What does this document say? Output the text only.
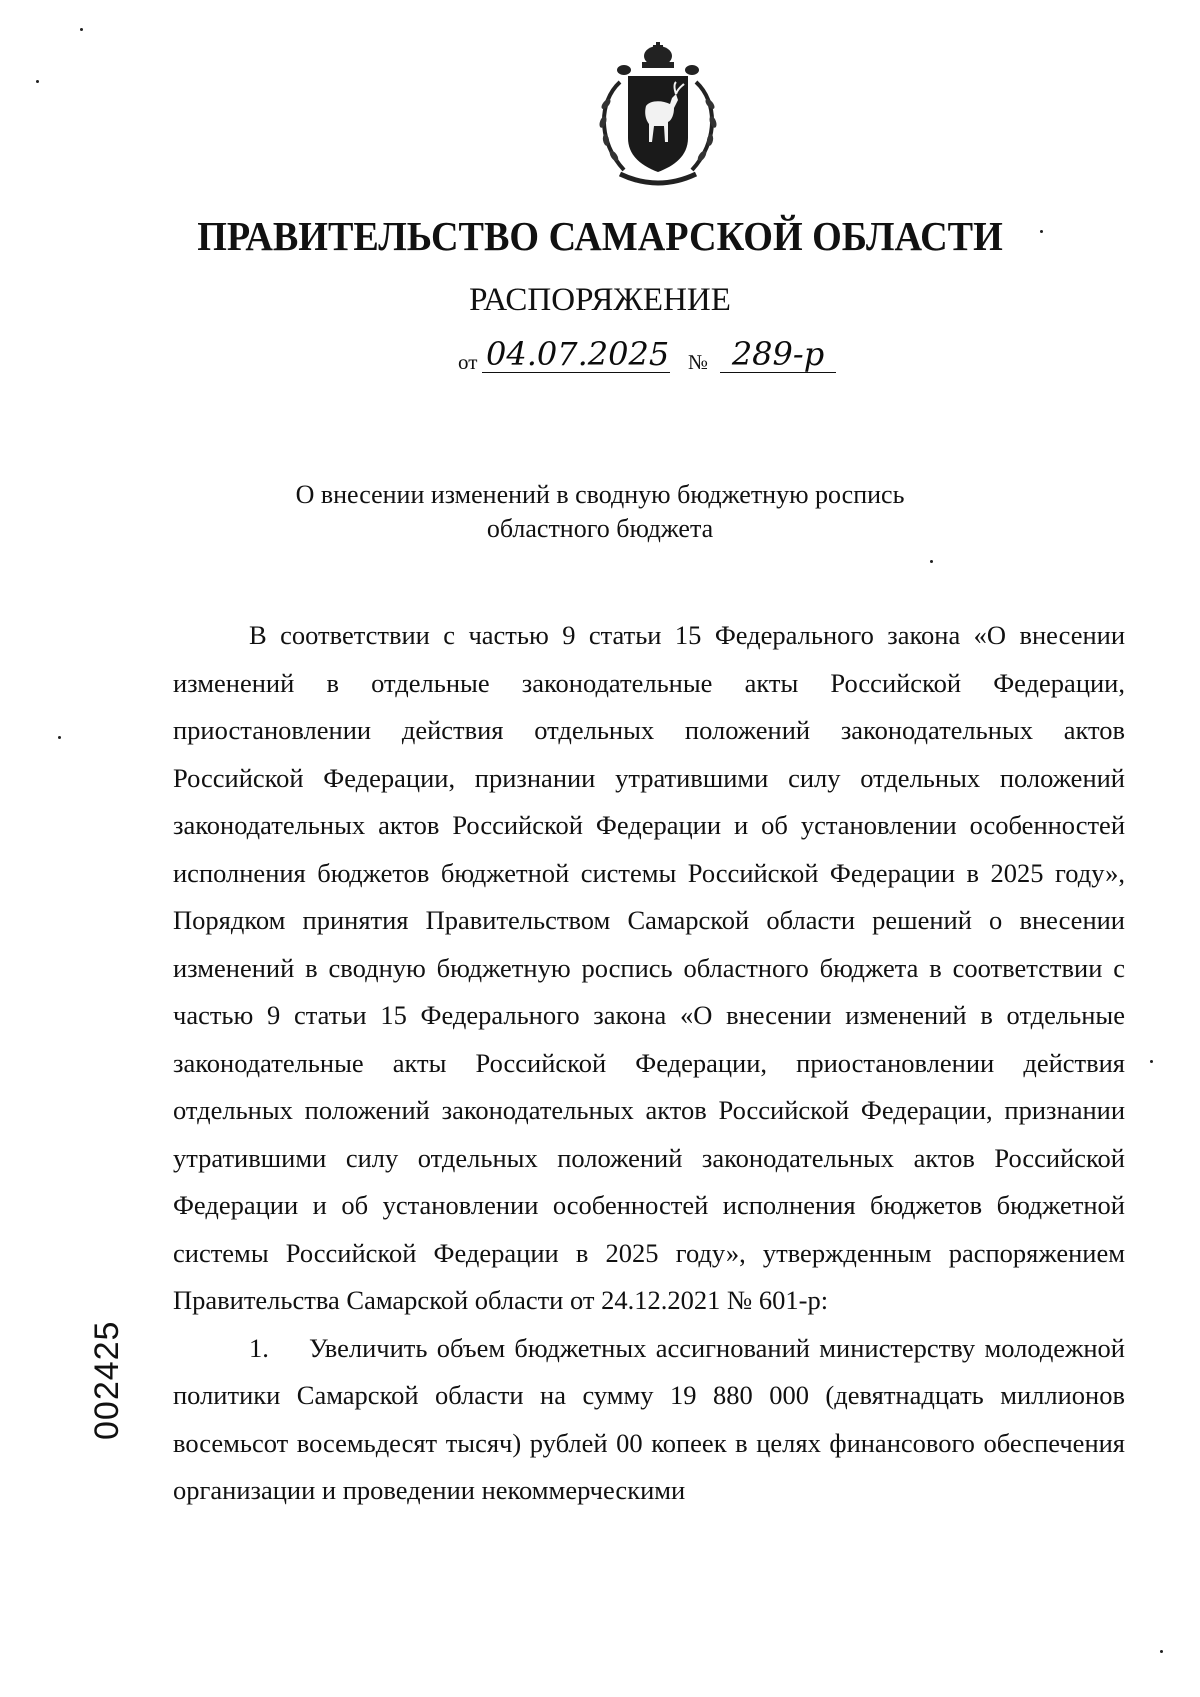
ПРАВИТЕЛЬСТВО САМАРСКОЙ ОБЛАСТИ
РАСПОРЯЖЕНИЕ
от 04.07.2025 № 289-р
О внесении изменений в сводную бюджетную роспись
областного бюджета

В соответствии с частью 9 статьи 15 Федерального закона «О внесении изменений в отдельные законодательные акты Российской Федерации, приостановлении действия отдельных положений законодательных актов Российской Федерации, признании утратившими силу отдельных положений законодательных актов Российской Федерации и об установлении особенностей исполнения бюджетов бюджетной системы Российской Федерации в 2025 году», Порядком принятия Правительством Самарской области решений о внесении изменений в сводную бюджетную роспись областного бюджета в соответствии с частью 9 статьи 15 Федерального закона «О внесении изменений в отдельные законодательные акты Российской Федерации, приостановлении действия отдельных положений законодательных актов Российской Федерации, признании утратившими силу отдельных положений законодательных актов Российской Федерации и об установлении особенностей исполнения бюджетов бюджетной системы Российской Федерации в 2025 году», утвержденным распоряжением Правительства Самарской области от 24.12.2021 № 601-р:

1. Увеличить объем бюджетных ассигнований министерству молодежной политики Самарской области на сумму 19 880 000 (девятнадцать миллионов восемьсот восемьдесят тысяч) рублей 00 копеек в целях финансового обеспечения организации и проведении некоммерческими

002425
